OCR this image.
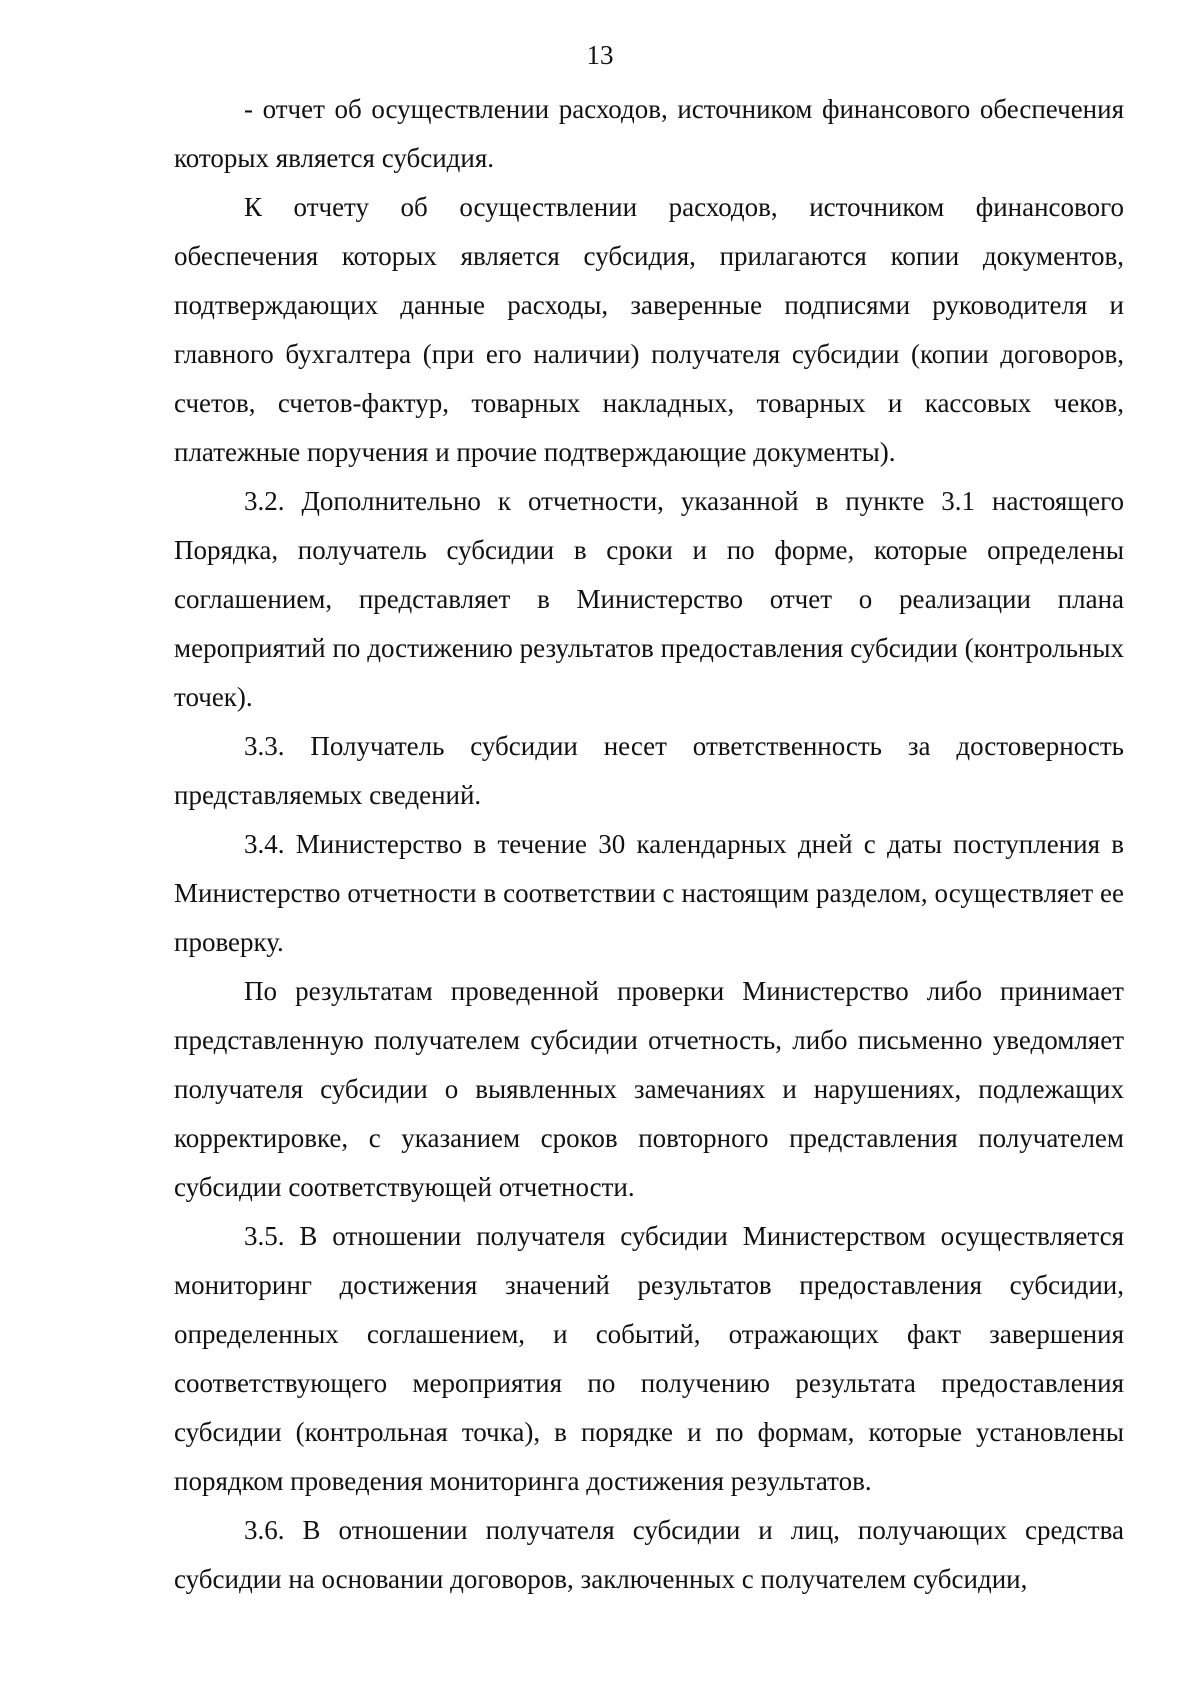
13

- отчет об осуществлении расходов, источником финансового обеспечения которых является субсидия.

К отчету об осуществлении расходов, источником финансового обеспечения которых является субсидия, прилагаются копии документов, подтверждающих данные расходы, заверенные подписями руководителя и главного бухгалтера (при его наличии) получателя субсидии (копии договоров, счетов, счетов-фактур, товарных накладных, товарных и кассовых чеков, платежные поручения и прочие подтверждающие документы).

3.2. Дополнительно к отчетности, указанной в пункте 3.1 настоящего Порядка, получатель субсидии в сроки и по форме, которые определены соглашением, представляет в Министерство отчет о реализации плана мероприятий по достижению результатов предоставления субсидии (контрольных точек).

3.3. Получатель субсидии несет ответственность за достоверность представляемых сведений.

3.4. Министерство в течение 30 календарных дней с даты поступления в Министерство отчетности в соответствии с настоящим разделом, осуществляет ее проверку.

По результатам проведенной проверки Министерство либо принимает представленную получателем субсидии отчетность, либо письменно уведомляет получателя субсидии о выявленных замечаниях и нарушениях, подлежащих корректировке, с указанием сроков повторного представления получателем субсидии соответствующей отчетности.

3.5. В отношении получателя субсидии Министерством осуществляется мониторинг достижения значений результатов предоставления субсидии, определенных соглашением, и событий, отражающих факт завершения соответствующего мероприятия по получению результата предоставления субсидии (контрольная точка), в порядке и по формам, которые установлены порядком проведения мониторинга достижения результатов.

3.6. В отношении получателя субсидии и лиц, получающих средства субсидии на основании договоров, заключенных с получателем субсидии,
